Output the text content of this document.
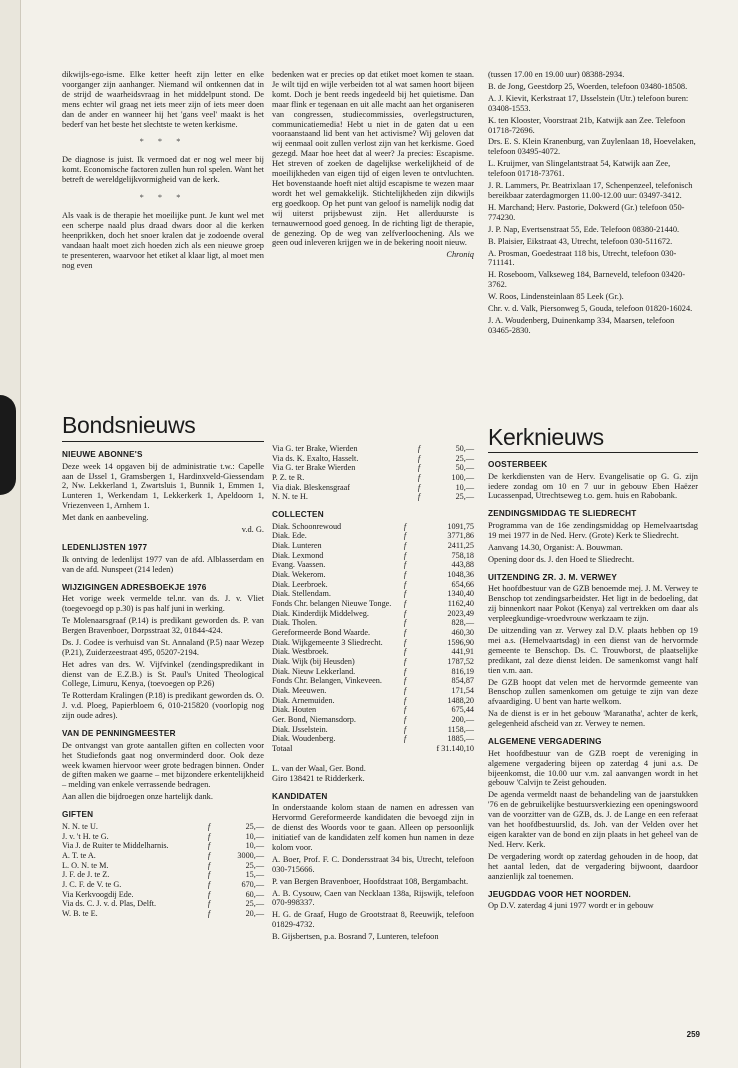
dikwijls-ego-isme. Elke ketter heeft zijn letter en elke voorganger zijn aanhanger. Niemand wil ontkennen dat in de strijd de waarheidsvraag in het middelpunt stond. De mens echter wil graag net iets meer zijn of iets meer doen dan de ander en wanneer hij het 'gans veel' maakt is het bederf van het beste het slechtste te weten kerkisme.

* * *

De diagnose is juist. Ik vermoed dat er nog wel meer bij komt. Economische factoren zullen hun rol spelen. Want het betreft de wereldgelijkvormigheid van de kerk.

* * *

Als vaak is de therapie het moeilijke punt. Je kunt wel met een scherpe naald plus draad dwars door al die kerken heenprikken, doch het snoer kralen dat je zodoende overal vandaan haalt moet zich hoeden zich als een nieuwe groep te presenteren, waarvoor het etiket al klaar ligt, al moet men nog even

bedenken wat er precies op dat etiket moet komen te staan. Je wilt tijd en wijle verbeiden tot al wat samen hoort bijeen komt. Doch je bent reeds ingedeeld bij het quietisme. Dan maar flink er tegenaan en uit alle macht aan het organiseren van congressen, studiecommissies, overlegstructuren, communicatiemedia! Hebt u niet in de gaten dat u een vooraanstaand lid bent van het activisme? Wij geloven dat wij eenmaal ooit zullen verlost zijn van het kerkisme. Goed gezegd. Maar hoe heet dat al weer? Ja precies: Escapisme. Het streven of zoeken de dagelijkse werkelijkheid of de moeilijkheden van eigen tijd of eigen leven te ontvluchten. Het bovenstaande hoeft niet altijd escapisme te wezen maar wordt het wel gemakkelijk. Stichtelijkheden zijn dikwijls erg goedkoop. Op het punt van geloof is namelijk nodig dat wij uiterst prijsbewust zijn. Het allerduurste is ternauwernood goed genoeg. In de richting ligt de therapie, de genezing. Op de weg van zelfverloochening. Als we geen oud inleveren krijgen we in de bekering nooit nieuw.

Chroniq

(tussen 17.00 en 19.00 uur) 08388-2934.

B. de Jong, Geestdorp 25, Woerden, telefoon 03480-18508.

A. J. Kievit, Kerkstraat 17, IJsselstein (Utr.) telefoon buren: 03408-1553.

K. ten Klooster, Voorstraat 21b, Katwijk aan Zee. Telefoon 01718-72696.

Drs. E. S. Klein Kranenburg, van Zuylenlaan 18, Hoevelaken, telefoon 03495-4072.

L. Kruijmer, van Slingelantstraat 54, Katwijk aan Zee, telefoon 01718-73761.

J. R. Lammers, Pr. Beatrixlaan 17, Schenpenzeel, telefonisch bereikbaar zaterdagmorgen 11.00-12.00 uur: 03497-3412.

H. Marchand; Herv. Pastorie, Dokwerd (Gr.) telefoon 050-774230.

J. P. Nap, Evertsenstraat 55, Ede. Telefoon 08380-21440.

B. Plaisier, Eikstraat 43, Utrecht, telefoon 030-511672.

A. Prosman, Goedestraat 118 bis, Utrecht, telefoon 030-711141.

H. Roseboom, Valkseweg 184, Barneveld, telefoon 03420-3762.

W. Roos, Lindensteinlaan 85 Leek (Gr.).

Chr. v. d. Valk, Piersonweg 5, Gouda, telefoon 01820-16024.

J. A. Woudenberg, Duinenkamp 334, Maarsen, telefoon 03465-2830.

Bondsnieuws
NIEUWE ABONNE'S

Deze week 14 opgaven bij de administratie t.w.: Capelle aan de IJssel 1, Gramsbergen 1, Hardinxveld-Giessendam 2, Nw. Lekkerland 1, Zwartsluis 1, Bunnik 1, Emmen 1, Lunteren 1, Werkendam 1, Lekkerkerk 1, Apeldoorn 1, Vriezenveen 1, Arnhem 1.

Met dank en aanbeveling.

v.d. G.

LEDENLIJSTEN 1977

Ik ontving de ledenlijst 1977 van de afd. Alblasserdam en van de afd. Nunspeet (214 leden)

WIJZIGINGEN ADRESBOEKJE 1976

Het vorige week vermelde tel.nr. van ds. J. v. Vliet (toegevoegd op p.30) is pas half juni in werking.

Te Molenaarsgraaf (P.14) is predikant geworden ds. P. van Bergen Bravenboer, Dorpsstraat 32, 01844-424.

Ds. J. Codee is verhuisd van St. Annaland (P.5) naar Wezep (P.21), Zuiderzeestraat 495, 05207-2194.

Het adres van drs. W. Vijfvinkel (zendingspredikant in dienst van de E.Z.B.) is St. Paul's United Theological College, Limuru, Kenya, (toevoegen op P.26)

Te Rotterdam Kralingen (P.18) is predikant geworden ds. O. J. v.d. Ploeg, Papierbloem 6, 010-215820 (voorlopig nog zijn oude adres).

VAN DE PENNINGMEESTER

De ontvangst van grote aantallen giften en collecten voor het Studiefonds gaat nog onverminderd door. Ook deze week kwamen hiervoor weer grote bedragen binnen. Onder de giften maken we gaarne – met bijzondere erkentelijkheid – melding van enkele verrassende bedragen.

Aan allen die bijdroegen onze hartelijk dank.

GIFTEN
N. N. te U.	f	25,—
J. v. 't H. te G.	f	10,—
Via J. de Ruiter te Middelharnis.	f	10,—
A. T. te A.	f	3000,—
L. O. N. te M.	f	25,—
J. F. de J. te Z.	f	15,—
J. C. F. de V. te G.	f	670,—
Via Kerkvoogdij Ede.	f	60,—
Via ds. C. J. v. d. Plas, Delft.	f	25,—
W. B. te E.	f	20,—
Via G. ter Brake, Wierden	f	50,—
Via ds. K. Exalto, Hasselt.	f	25,—
Via G. ter Brake Wierden	f	50,—
P. Z. te R.	f	100,—
Via diak. Bleskensgraaf	f	10,—
N. N. te H.	f	25,—
COLLECTEN
Diak. Schoonrewoud	f	1091,75
Diak. Ede.	f	3771,86
Diak. Lunteren	f	2411,25
Diak. Lexmond	f	758,18
Evang. Vaassen.	f	443,88
Diak. Wekerom.	f	1048,36
Diak. Leerbroek.	f	654,66
Diak. Stellendam.	f	1340,40
Fonds Chr. belangen Nieuwe Tonge.	f	1162,40
Diak. Kinderdijk Middelweg.	f	2023,49
Diak. Tholen.	f	828,—
Gereformeerde Bond Waarde.	f	460,30
Diak. Wijkgemeente 3 Sliedrecht.	f	1596,90
Diak. Westbroek.	f	441,91
Diak. Wijk (bij Heusden)	f	1787,52
Diak. Nieuw Lekkerland.	f	816,19
Fonds Chr. Belangen, Vinkeveen.	f	854,87
Diak. Meeuwen.	f	171,54
Diak. Arnemuiden.	f	1488,20
Diak. Houten	f	675,44
Ger. Bond, Niemansdorp.	f	200,—
Diak. IJsselstein.	f	1158,—
Diak. Woudenberg.	f	1885,—
Totaal		f 31.140,10

L. van der Waal, Ger. Bond.

Giro 138421 te Ridderkerk.

KANDIDATEN

In onderstaande kolom staan de namen en adressen van Hervormd Gereformeerde kandidaten die bevoegd zijn in de dienst des Woords voor te gaan. Alleen op persoonlijk initiatief van de kandidaten zelf komen hun namen in deze kolom voor.

A. Boer, Prof. F. C. Dondersstraat 34 bis, Utrecht, telefoon 030-715666.

P. van Bergen Bravenboer, Hoofdstraat 108, Bergambacht.

A. B. Cysouw, Caen van Necklaan 138a, Rijswijk, telefoon 070-998337.

H. G. de Graaf, Hugo de Grootstraat 8, Reeuwijk, telefoon 01829-4732.

B. Gijsbertsen, p.a. Bosrand 7, Lunteren, telefoon

Kerknieuws
OOSTERBEEK

De kerkdiensten van de Herv. Evangelisatie op G. G. zijn iedere zondag om 10 en 7 uur in gebouw Eben Haëzer Lucassenpad, Utrechtseweg t.o. gem. huis en Rabobank.

ZENDINGSMIDDAG TE SLIEDRECHT

Programma van de 16e zendingsmiddag op Hemelvaartsdag 19 mei 1977 in de Ned. Herv. (Grote) Kerk te Sliedrecht.

Aanvang 14.30, Organist: A. Bouwman.

Opening door ds. J. den Hoed te Sliedrecht.

UITZENDING ZR. J. M. VERWEY

Het hoofdbestuur van de GZB benoemde mej. J. M. Verwey te Benschop tot zendingsarbeidster. Het ligt in de bedoeling, dat zij binnenkort naar Pokot (Kenya) zal vertrekken om daar als verpleegkundige-vroedvrouw werkzaam te zijn.

De uitzending van zr. Verwey zal D.V. plaats hebben op 19 mei a.s. (Hemelvaartsdag) in een dienst van de hervormde gemeente te Benschop. Ds. C. Trouwborst, de plaatselijke predikant, zal deze dienst leiden. De samenkomst vangt half tien v.m. aan.

De GZB hoopt dat velen met de hervormde gemeente van Benschop zullen samenkomen om getuige te zijn van deze afvaardiging. U bent van harte welkom.

Na de dienst is er in het gebouw 'Maranatha', achter de kerk, gelegenheid afscheid van zr. Verwey te nemen.

ALGEMENE VERGADERING

Het hoofdbestuur van de GZB roept de vereniging in algemene vergadering bijeen op zaterdag 4 juni a.s. De bijeenkomst, die 10.00 uur v.m. zal aanvangen wordt in het gebouw 'Calvijn te Zeist gehouden.

De agenda vermeldt naast de behandeling van de jaarstukken '76 en de gebruikelijke bestuursverkiezing een openingswoord van de voorzitter van de GZB, ds. J. de Lange en een referaat van het hoofdbestuurslid, ds. Joh. van der Velden over het eigen karakter van de bond en zijn plaats in het geheel van de Ned. Herv. Kerk.

De vergadering wordt op zaterdag gehouden in de hoop, dat het aantal leden, dat de vergadering bijwoont, daardoor aanzienlijk zal toenemen.

JEUGDDAG VOOR HET NOORDEN.

Op D.V. zaterdag 4 juni 1977 wordt er in gebouw

259
